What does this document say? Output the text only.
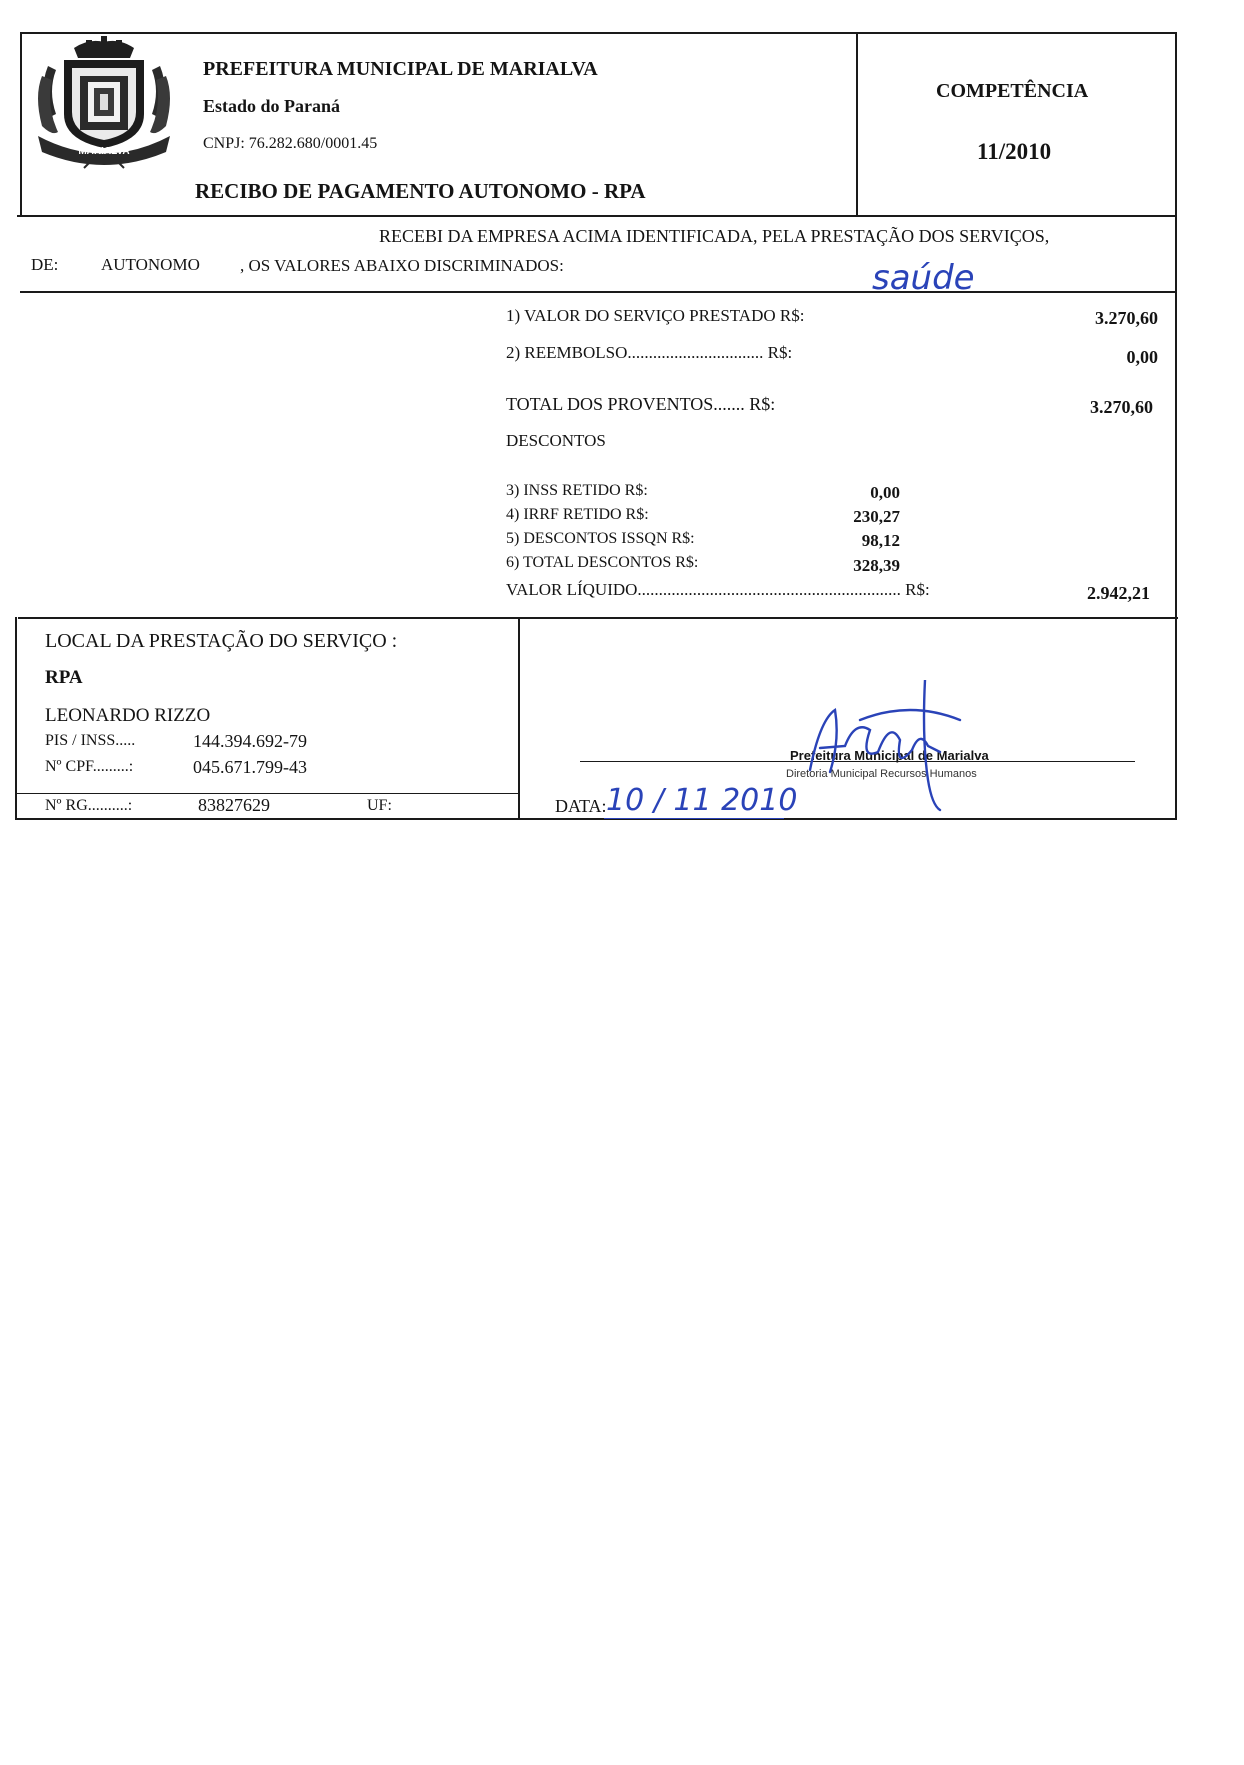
MARIALVA
PREFEITURA MUNICIPAL DE MARIALVA
Estado do Paraná
CNPJ: 76.282.680/0001.45
RECIBO DE PAGAMENTO AUTONOMO - RPA
COMPETÊNCIA
11/2010
RECEBI DA EMPRESA ACIMA IDENTIFICADA, PELA PRESTAÇÃO DOS SERVIÇOS,
DE:	AUTONOMO , OS VALORES ABAIXO DISCRIMINADOS:	saúde
1) VALOR DO SERVIÇO PRESTADO R$:	3.270,60
2) REEMBOLSO................................ R$:	0,00
TOTAL DOS PROVENTOS....... R$:	3.270,60
DESCONTOS
3) INSS RETIDO R$:	0,00
4) IRRF RETIDO R$:	230,27
5) DESCONTOS ISSQN R$:	98,12
6) TOTAL DESCONTOS R$:	328,39
VALOR LÍQUIDO.............................................................. R$:	2.942,21
LOCAL DA PRESTAÇÃO DO SERVIÇO :
RPA
LEONARDO RIZZO
PIS / INSS.....	144.394.692-79
Nº CPF.........:	045.671.799-43
Nº RG..........:	83827629	UF:
Prefeitura Municipal de Marialva
Diretoria Municipal Recursos Humanos
DATA: 10 / 11 2010
